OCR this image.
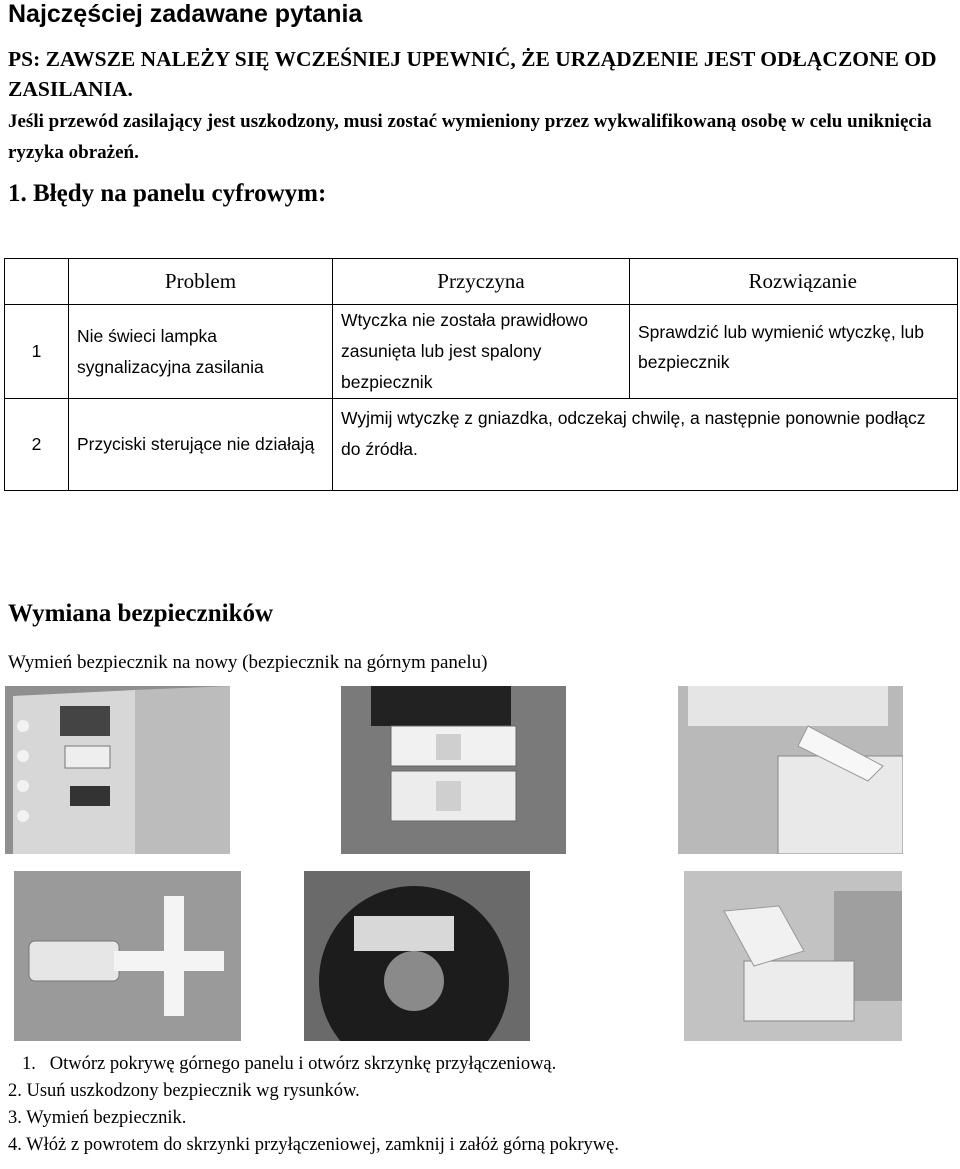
Najczęściej zadawane pytania
PS: ZAWSZE NALEŻY SIĘ WCZEŚNIEJ UPEWNIĆ, ŻE URZĄDZENIE JEST ODŁĄCZONE OD ZASILANIA.
Jeśli przewód zasilający jest uszkodzony, musi zostać wymieniony przez wykwalifikowaną osobę w celu uniknięcia ryzyka obrażeń.
1. Błędy na panelu cyfrowym:
	Problem	Przyczyna	Rozwiązanie
1	Nie świeci lampka sygnalizacyjna zasilania	Wtyczka nie została prawidłowo zasunięta lub jest spalony bezpiecznik	Sprawdzić lub wymienić wtyczkę, lub bezpiecznik
2	Przyciski sterujące nie działają	Wyjmij wtyczkę z gniazdka, odczekaj chwilę, a następnie ponownie podłącz do źródła.	
Wymiana bezpieczników
Wymień bezpiecznik na nowy (bezpiecznik na górnym panelu)
1.   Otwórz pokrywę górnego panelu i otwórz skrzynkę przyłączeniową.
2. Usuń uszkodzony bezpiecznik wg rysunków.
3. Wymień bezpiecznik.
4. Włóż z powrotem do skrzynki przyłączeniowej, zamknij i załóż górną pokrywę.
